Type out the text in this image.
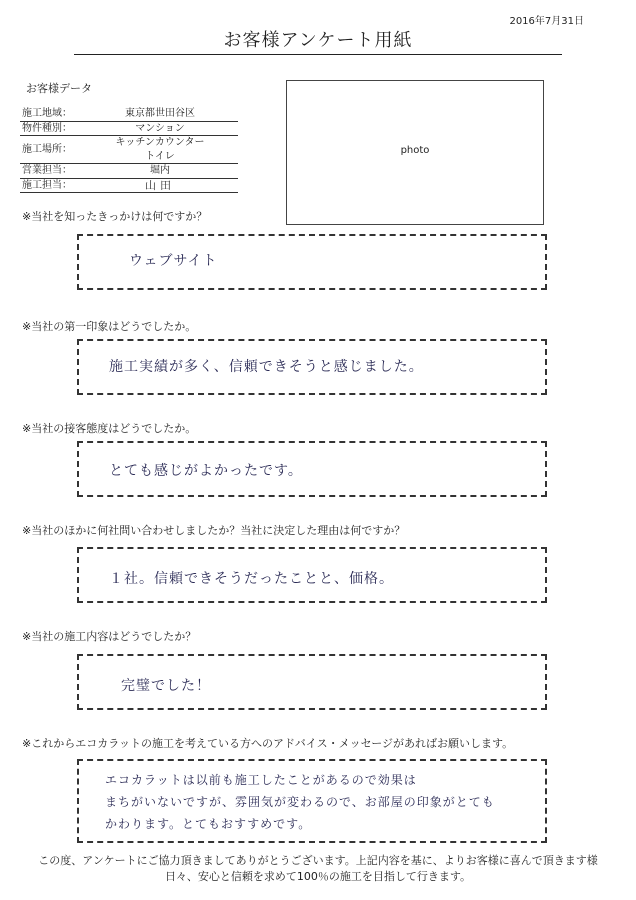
2016年7月31日
お客様アンケート用紙
お客様データ
施工地域：	東京都世田谷区
物件種別：	マンション
施工場所：	キッチンカウンター　トイレ
営業担当：	堀内
施工担当：	山田
photo
※当社を知ったきっかけは何ですか？
ウェブサイト
※当社の第一印象はどうでしたか。
施工実績が多く、信頼できそうと感じました。
※当社の接客態度はどうでしたか。
とても感じがよかったです。
※当社のほかに何社問い合わせしましたか？当社に決定した理由は何ですか？
１社。信頼できそうだったことと、価格。
※当社の施工内容はどうでしたか？
完璧でした！
※これからエコカラットの施工を考えている方へのアドバイス・メッセージがあればお願いします。
エコカラットは以前も施工したことがあるので効果は
まちがいないですが、雰囲気が変わるので、お部屋の印象がとても
かわります。とてもおすすめです。
この度、アンケートにご協力頂きましてありがとうございます。上記内容を基に、よりお客様に喜んで頂きます様
日々、安心と信頼を求めて100％の施工を目指して行きます。
